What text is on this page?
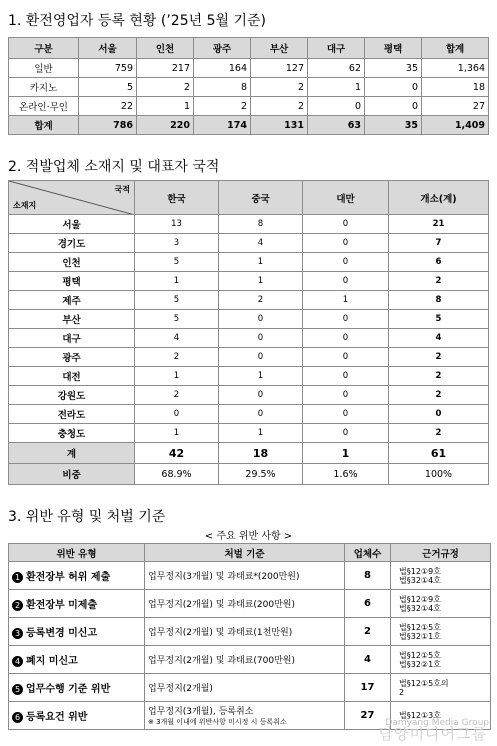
1. 환전영업자 등록 현황 (’25년 5월 기준)
구분	서울	인천	광주	부산	대구	평택	합계
일반	759	217	164	127	62	35	1,364
카지노	5	2	8	2	1	0	18
온라인·무인	22	1	2	2	0	0	27
합계	786	220	174	131	63	35	1,409
2. 적발업체 소재지 및 대표자 국적
국적
소재지	한국	중국	대만	개소(계)
서울	13	8	0	21
경기도	3	4	0	7
인천	5	1	0	6
평택	1	1	0	2
제주	5	2	1	8
부산	5	0	0	5
대구	4	0	0	4
광주	2	0	0	2
대전	1	1	0	2
강원도	2	0	0	2
전라도	0	0	0	0
충청도	1	1	0	2
계	42	18	1	61
비중	68.9%	29.5%	1.6%	100%
3. 위반 유형 및 처벌 기준
< 주요 위반 사항 >
위반 유형	처벌 기준	업체수	근거규정
1 환전장부 허위 제출	업무정지(3개월) 및 과태료*(200만원)	8	법§12①9호
법§32①4호

2 환전장부 미제출	업무정지(2개월) 및 과태료(200만원)	6	법§12①9호
법§32①4호

3 등록변경 미신고	업무정지(2개월) 및 과태료(1천만원)	2	법§12①5호
법§32①1호

4 폐지 미신고	업무정지(2개월) 및 과태료(700만원)	4	법§12①5호
법§32②1호

5 업무수행 기준 위반	업무정지(2개월)	17	법§12①5호의
2

6 등록요건 위반	업무정지(3개월), 등록취소
※ 3개월 이내에 위반사항 미시정 시 등록취소	27	법§12①3호
Damyang Media Group
담양미디어그룹
